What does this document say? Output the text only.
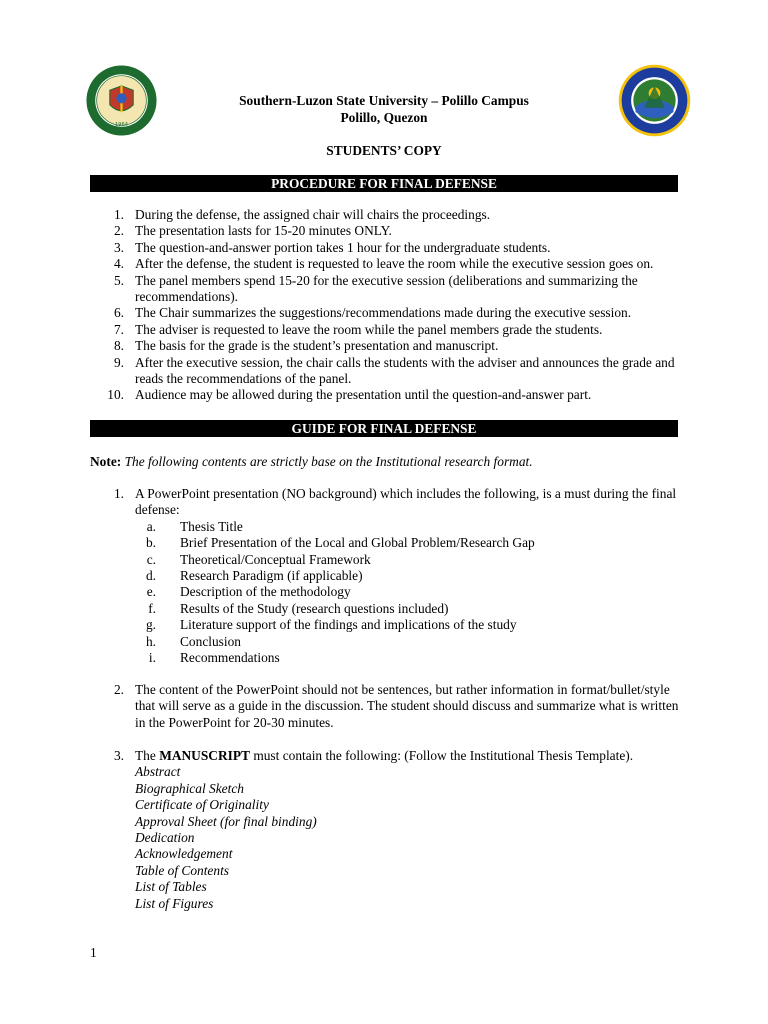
1964
Southern-Luzon State University – Polillo Campus
Polillo, Quezon
STUDENTS’ COPY
PROCEDURE FOR FINAL DEFENSE
1. During the defense, the assigned chair will chairs the proceedings.
2. The presentation lasts for 15-20 minutes ONLY.
3. The question-and-answer portion takes 1 hour for the undergraduate students.
4. After the defense, the student is requested to leave the room while the executive session goes on.
5. The panel members spend 15-20 for the executive session (deliberations and summarizing the recommendations).
6. The Chair summarizes the suggestions/recommendations made during the executive session.
7. The adviser is requested to leave the room while the panel members grade the students.
8. The basis for the grade is the student’s presentation and manuscript.
9. After the executive session, the chair calls the students with the adviser and announces the grade and reads the recommendations of the panel.
10. Audience may be allowed during the presentation until the question-and-answer part.
GUIDE FOR FINAL DEFENSE
Note: The following contents are strictly base on the Institutional research format.
1. A PowerPoint presentation (NO background) which includes the following, is a must during the final defense:
a. Thesis Title
b. Brief Presentation of the Local and Global Problem/Research Gap
c. Theoretical/Conceptual Framework
d. Research Paradigm (if applicable)
e. Description of the methodology
f. Results of the Study (research questions included)
g. Literature support of the findings and implications of the study
h. Conclusion
i. Recommendations
2. The content of the PowerPoint should not be sentences, but rather information in format/bullet/style that will serve as a guide in the discussion. The student should discuss and summarize what is written in the PowerPoint for 20-30 minutes.
3. The MANUSCRIPT must contain the following: (Follow the Institutional Thesis Template).
Abstract
Biographical Sketch
Certificate of Originality
Approval Sheet (for final binding)
Dedication
Acknowledgement
Table of Contents
List of Tables
List of Figures
1
